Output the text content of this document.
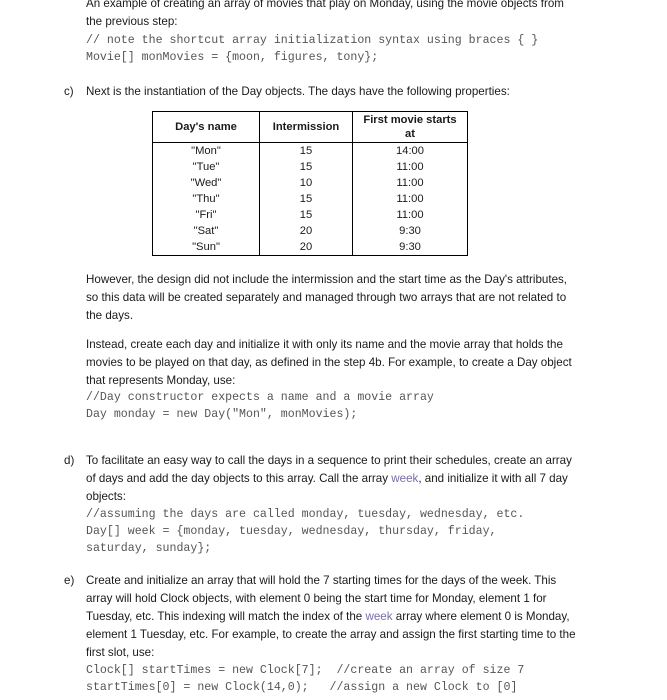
An example of creating an array of movies that play on Monday, using the movie objects from
the previous step:
// note the shortcut array initialization syntax using braces { }
Movie[] monMovies = {moon, figures, tony};
c) Next is the instantiation of the Day objects. The days have the following properties:
Day's name	Intermission	First movie starts at
"Mon"	15	14:00
"Tue"	15	11:00
"Wed"	10	11:00
"Thu"	15	11:00
"Fri"	15	11:00
"Sat"	20	9:30
"Sun"	20	9:30
However, the design did not include the intermission and the start time as the Day's attributes,
so this data will be created separately and managed through two arrays that are not related to
the days.
Instead, create each day and initialize it with only its name and the movie array that holds the
movies to be played on that day, as defined in the step 4b. For example, to create a Day object
that represents Monday, use:
//Day constructor expects a name and a movie array
Day monday = new Day("Mon", monMovies);
d) To facilitate an easy way to call the days in a sequence to print their schedules, create an array
of days and add the day objects to this array. Call the array week, and initialize it with all 7 day
objects:
//assuming the days are called monday, tuesday, wednesday, etc.
Day[] week = {monday, tuesday, wednesday, thursday, friday,
saturday, sunday};
e) Create and initialize an array that will hold the 7 starting times for the days of the week. This
array will hold Clock objects, with element 0 being the start time for Monday, element 1 for
Tuesday, etc. This indexing will match the index of the week array where element 0 is Monday,
element 1 Tuesday, etc. For example, to create the array and assign the first starting time to the
first slot, use:
Clock[] startTimes = new Clock[7];  //create an array of size 7
startTimes[0] = new Clock(14,0);   //assign a new Clock to [0]
